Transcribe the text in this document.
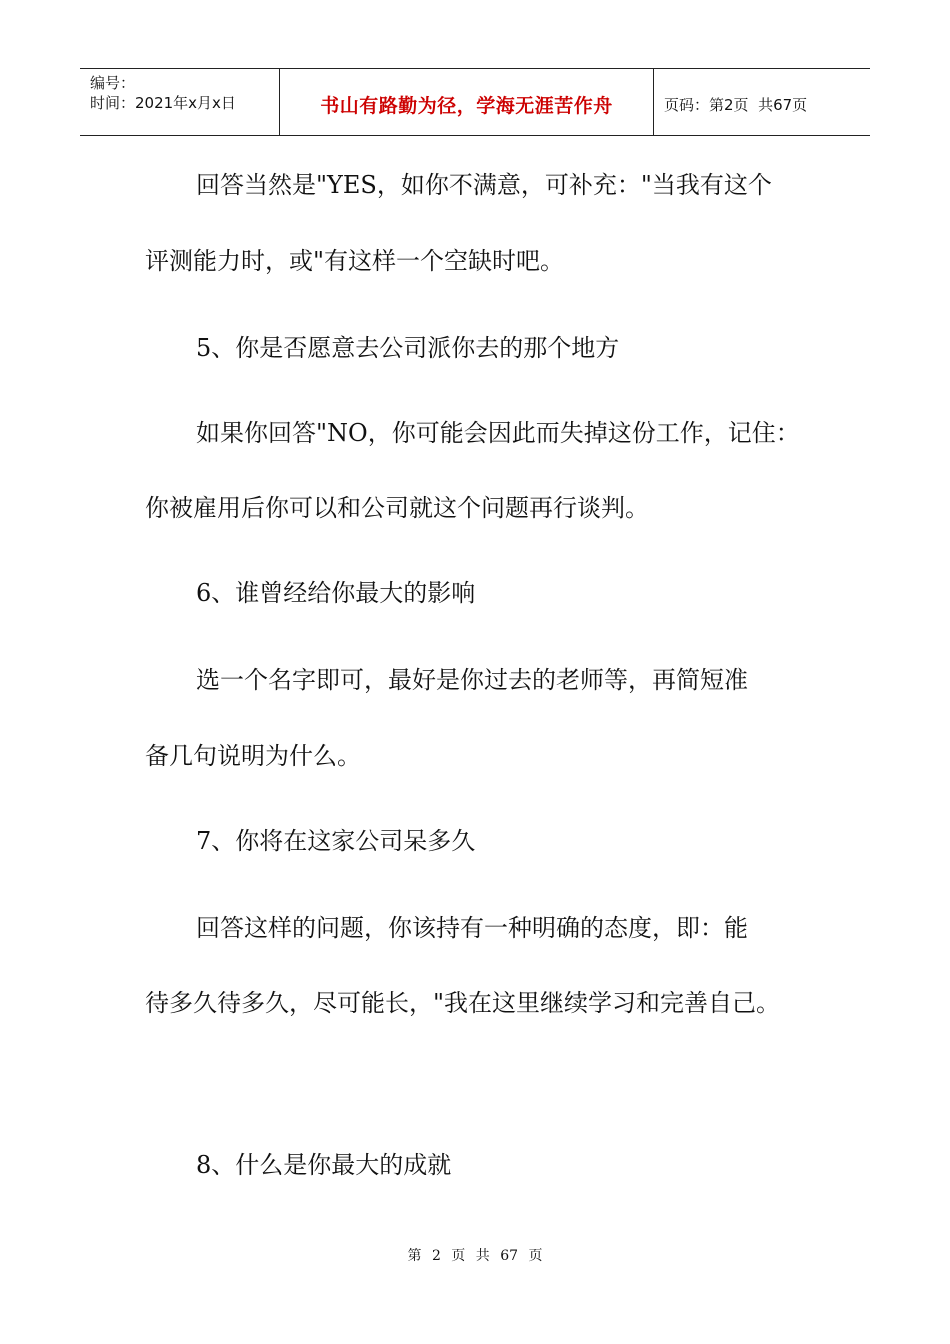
编号：
时间：2021年x月x日	书山有路勤为径，学海无涯苦作舟	页码：第2页  共67页
回答当然是"YES，如你不满意，可补充："当我有这个
评测能力时，或"有这样一个空缺时吧。
5、你是否愿意去公司派你去的那个地方
如果你回答"NO，你可能会因此而失掉这份工作，记住：
你被雇用后你可以和公司就这个问题再行谈判。
6、谁曾经给你最大的影响
选一个名字即可，最好是你过去的老师等，再简短准
备几句说明为什么。
7、你将在这家公司呆多久
回答这样的问题，你该持有一种明确的态度，即：能
待多久待多久，尽可能长，"我在这里继续学习和完善自己。
8、什么是你最大的成就
第 2 页 共 67 页
